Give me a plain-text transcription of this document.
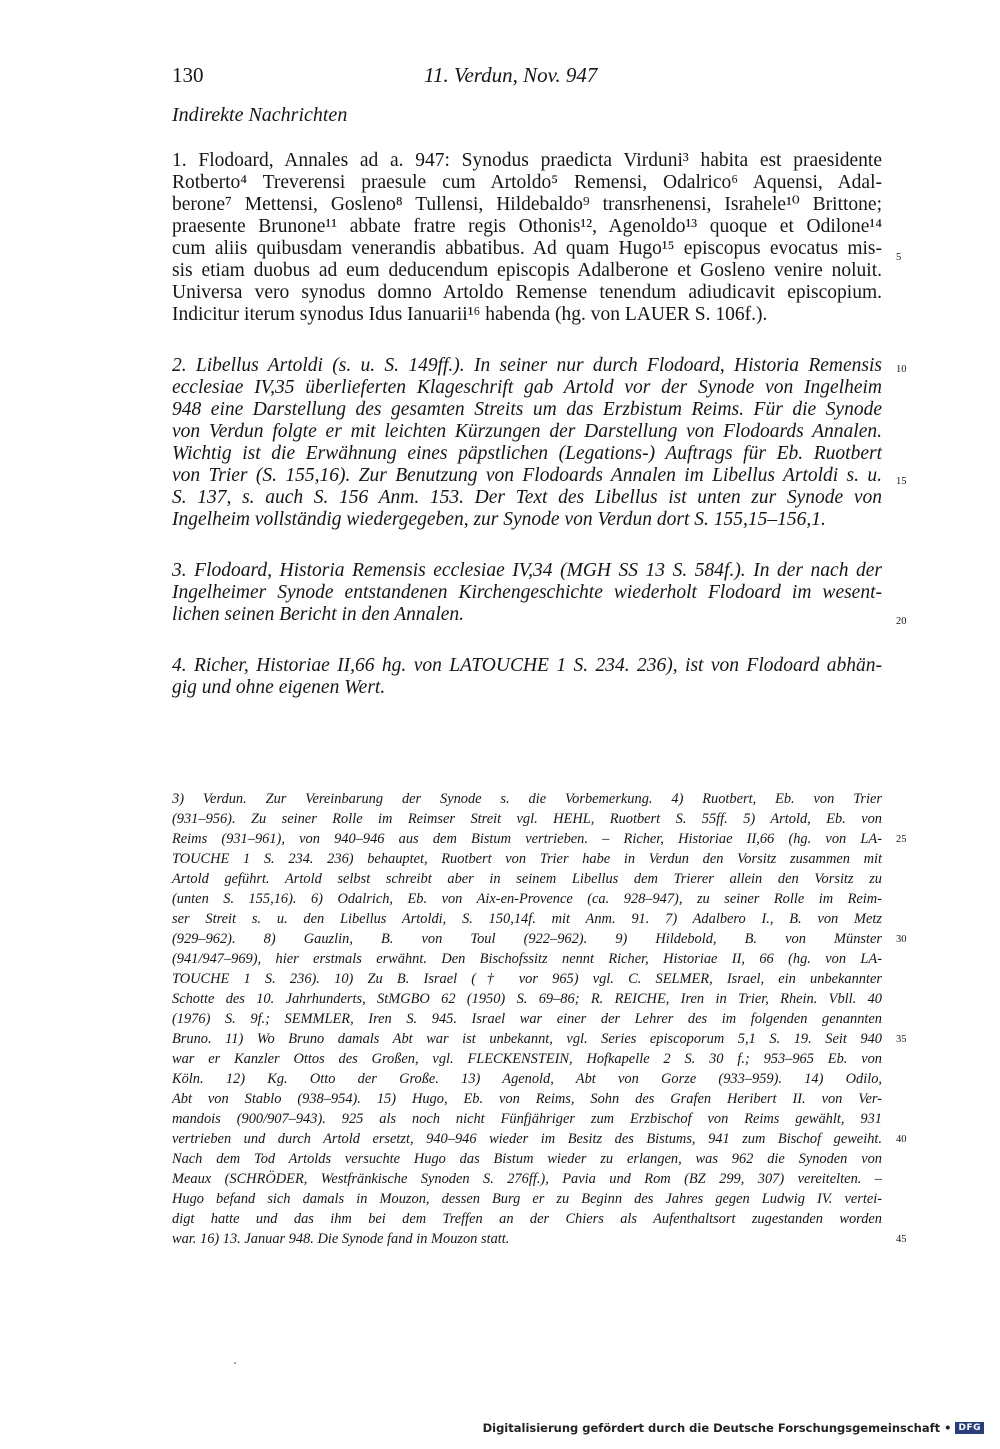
130	11. Verdun, Nov. 947
Indirekte Nachrichten
1. Flodoard, Annales ad a. 947: Synodus praedicta Virduni³ habita est praesidente
Rotberto⁴ Treverensi praesule cum Artoldo⁵ Remensi, Odalrico⁶ Aquensi, Adal-
berone⁷ Mettensi, Gosleno⁸ Tullensi, Hildebaldo⁹ transrhenensi, Israhele¹⁰ Brittone;
praesente Brunone¹¹ abbate fratre regis Othonis¹², Agenoldo¹³ quoque et Odilone¹⁴
cum aliis quibusdam venerandis abbatibus. Ad quam Hugo¹⁵ episcopus evocatus mis-
sis etiam duobus ad eum deducendum episcopis Adalberone et Gosleno venire noluit.
Universa vero synodus domno Artoldo Remense tenendum adiudicavit episcopium.
Indicitur iterum synodus Idus Ianuarii¹⁶ habenda (hg. von LAUER S. 106f.).
2. Libellus Artoldi (s. u. S. 149ff.). In seiner nur durch Flodoard, Historia Remensis
ecclesiae IV,35 überlieferten Klageschrift gab Artold vor der Synode von Ingelheim
948 eine Darstellung des gesamten Streits um das Erzbistum Reims. Für die Synode
von Verdun folgte er mit leichten Kürzungen der Darstellung von Flodoards Annalen.
Wichtig ist die Erwähnung eines päpstlichen (Legations-) Auftrags für Eb. Ruotbert
von Trier (S. 155,16). Zur Benutzung von Flodoards Annalen im Libellus Artoldi s. u.
S. 137, s. auch S. 156 Anm. 153. Der Text des Libellus ist unten zur Synode von
Ingelheim vollständig wiedergegeben, zur Synode von Verdun dort S. 155,15–156,1.
3. Flodoard, Historia Remensis ecclesiae IV,34 (MGH SS 13 S. 584f.). In der nach der
Ingelheimer Synode entstandenen Kirchengeschichte wiederholt Flodoard im wesent-
lichen seinen Bericht in den Annalen.
4. Richer, Historiae II,66 hg. von LATOUCHE 1 S. 234. 236), ist von Flodoard abhän-
gig und ohne eigenen Wert.
3) Verdun. Zur Vereinbarung der Synode s. die Vorbemerkung. 4) Ruotbert, Eb. von Trier
(931–956). Zu seiner Rolle im Reimser Streit vgl. HEHL, Ruotbert S. 55ff. 5) Artold, Eb. von
Reims (931–961), von 940–946 aus dem Bistum vertrieben. – Richer, Historiae II,66 (hg. von LA-
TOUCHE 1 S. 234. 236) behauptet, Ruotbert von Trier habe in Verdun den Vorsitz zusammen mit
Artold geführt. Artold selbst schreibt aber in seinem Libellus dem Trierer allein den Vorsitz zu
(unten S. 155,16). 6) Odalrich, Eb. von Aix-en-Provence (ca. 928–947), zu seiner Rolle im Reim-
ser Streit s. u. den Libellus Artoldi, S. 150,14f. mit Anm. 91. 7) Adalbero I., B. von Metz
(929–962). 8) Gauzlin, B. von Toul (922–962). 9) Hildebold, B. von Münster
(941/947–969), hier erstmals erwähnt. Den Bischofssitz nennt Richer, Historiae II, 66 (hg. von LA-
TOUCHE 1 S. 236). 10) Zu B. Israel († vor 965) vgl. C. SELMER, Israel, ein unbekannter
Schotte des 10. Jahrhunderts, StMGBO 62 (1950) S. 69–86; R. REICHE, Iren in Trier, Rhein. Vbll. 40
(1976) S. 9f.; SEMMLER, Iren S. 945. Israel war einer der Lehrer des im folgenden genannten
Bruno. 11) Wo Bruno damals Abt war ist unbekannt, vgl. Series episcoporum 5,1 S. 19. Seit 940
war er Kanzler Ottos des Großen, vgl. FLECKENSTEIN, Hofkapelle 2 S. 30 f.; 953–965 Eb. von
Köln. 12) Kg. Otto der Große. 13) Agenold, Abt von Gorze (933–959). 14) Odilo,
Abt von Stablo (938–954). 15) Hugo, Eb. von Reims, Sohn des Grafen Heribert II. von Ver-
mandois (900/907–943). 925 als noch nicht Fünfjähriger zum Erzbischof von Reims gewählt, 931
vertrieben und durch Artold ersetzt, 940–946 wieder im Besitz des Bistums, 941 zum Bischof geweiht.
Nach dem Tod Artolds versuchte Hugo das Bistum wieder zu erlangen, was 962 die Synoden von
Meaux (SCHRÖDER, Westfränkische Synoden S. 276ff.), Pavia und Rom (BZ 299, 307) vereitelten. –
Hugo befand sich damals in Mouzon, dessen Burg er zu Beginn des Jahres gegen Ludwig IV. vertei-
digt hatte und das ihm bei dem Treffen an der Chiers als Aufenthaltsort zugestanden worden
war. 16) 13. Januar 948. Die Synode fand in Mouzon statt.
5
10
15
20
25
30
35
40
45
Digitalisierung gefördert durch die Deutsche Forschungsgemeinschaft • DFG
